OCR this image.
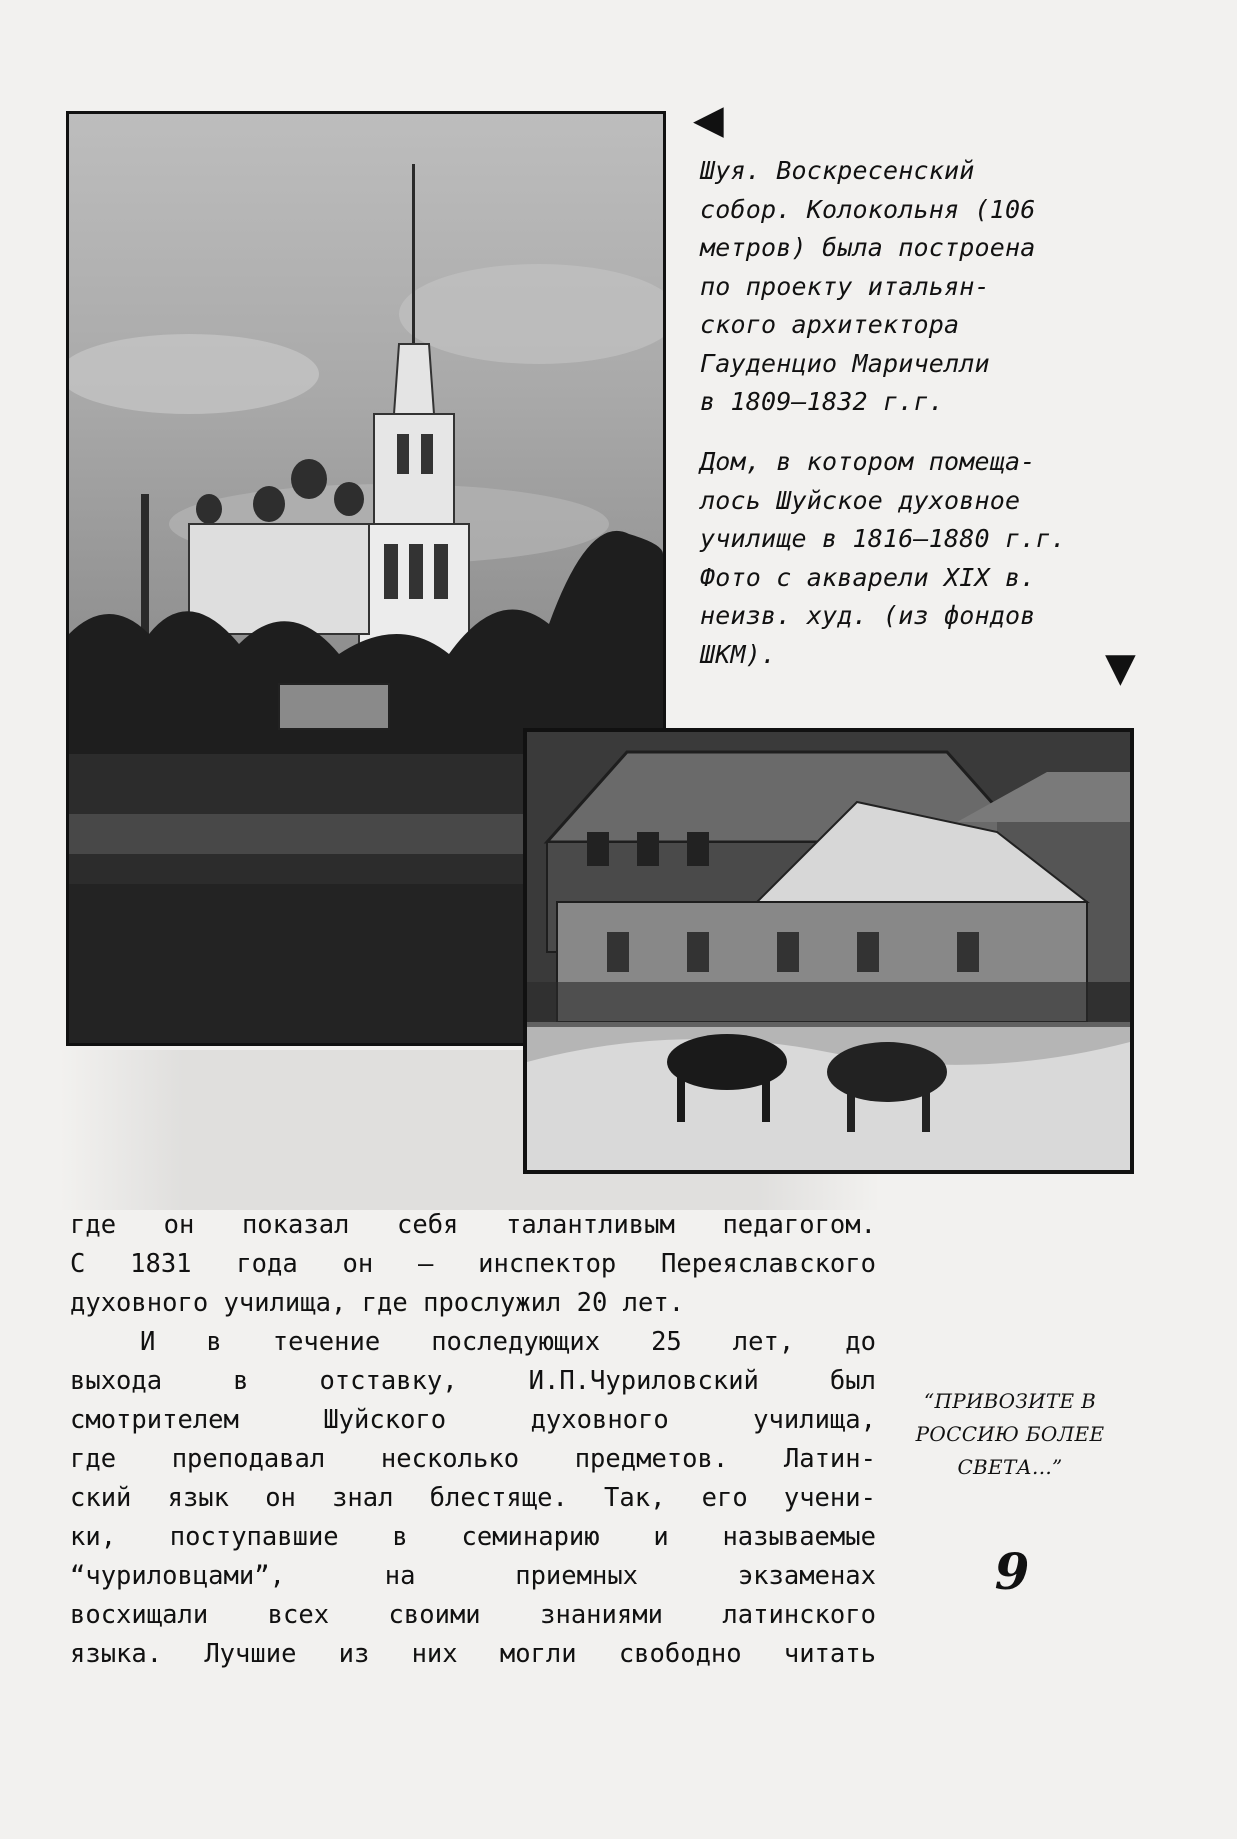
◀
▼

Шуя. Воскресенский

собор. Колокольня (106

метров) была построена

по проекту итальян-

ского архитектора

Гауденцио Маричелли

в 1809–1832 г.г.

Дом, в котором помеща-

лось Шуйское духовное

училище в 1816–1880 г.г.

Фото с акварели XIX в.

неизв. худ. (из фондов

ШКМ).

где он показал себя талантливым педагогом.
С 1831 года он – инспектор Переяславского
духовного училища, где прослужил 20 лет.
И в течение последующих 25 лет, до
выхода	в	отставку,	И.П.Чуриловский	был
смотрителем	Шуйского	духовного	училища,
где преподавал несколько предметов. Латин-
ский язык он знал блестяще. Так, его учени-
ки, поступавшие в семинарию и называемые
“чуриловцами”,	на	приемных	экзаменах
восхищали всех своими знаниями латинского
языка. Лучшие из них могли свободно читать

“ПРИВОЗИТЕ В

РОССИЮ БОЛЕЕ

СВЕТА...”

9
